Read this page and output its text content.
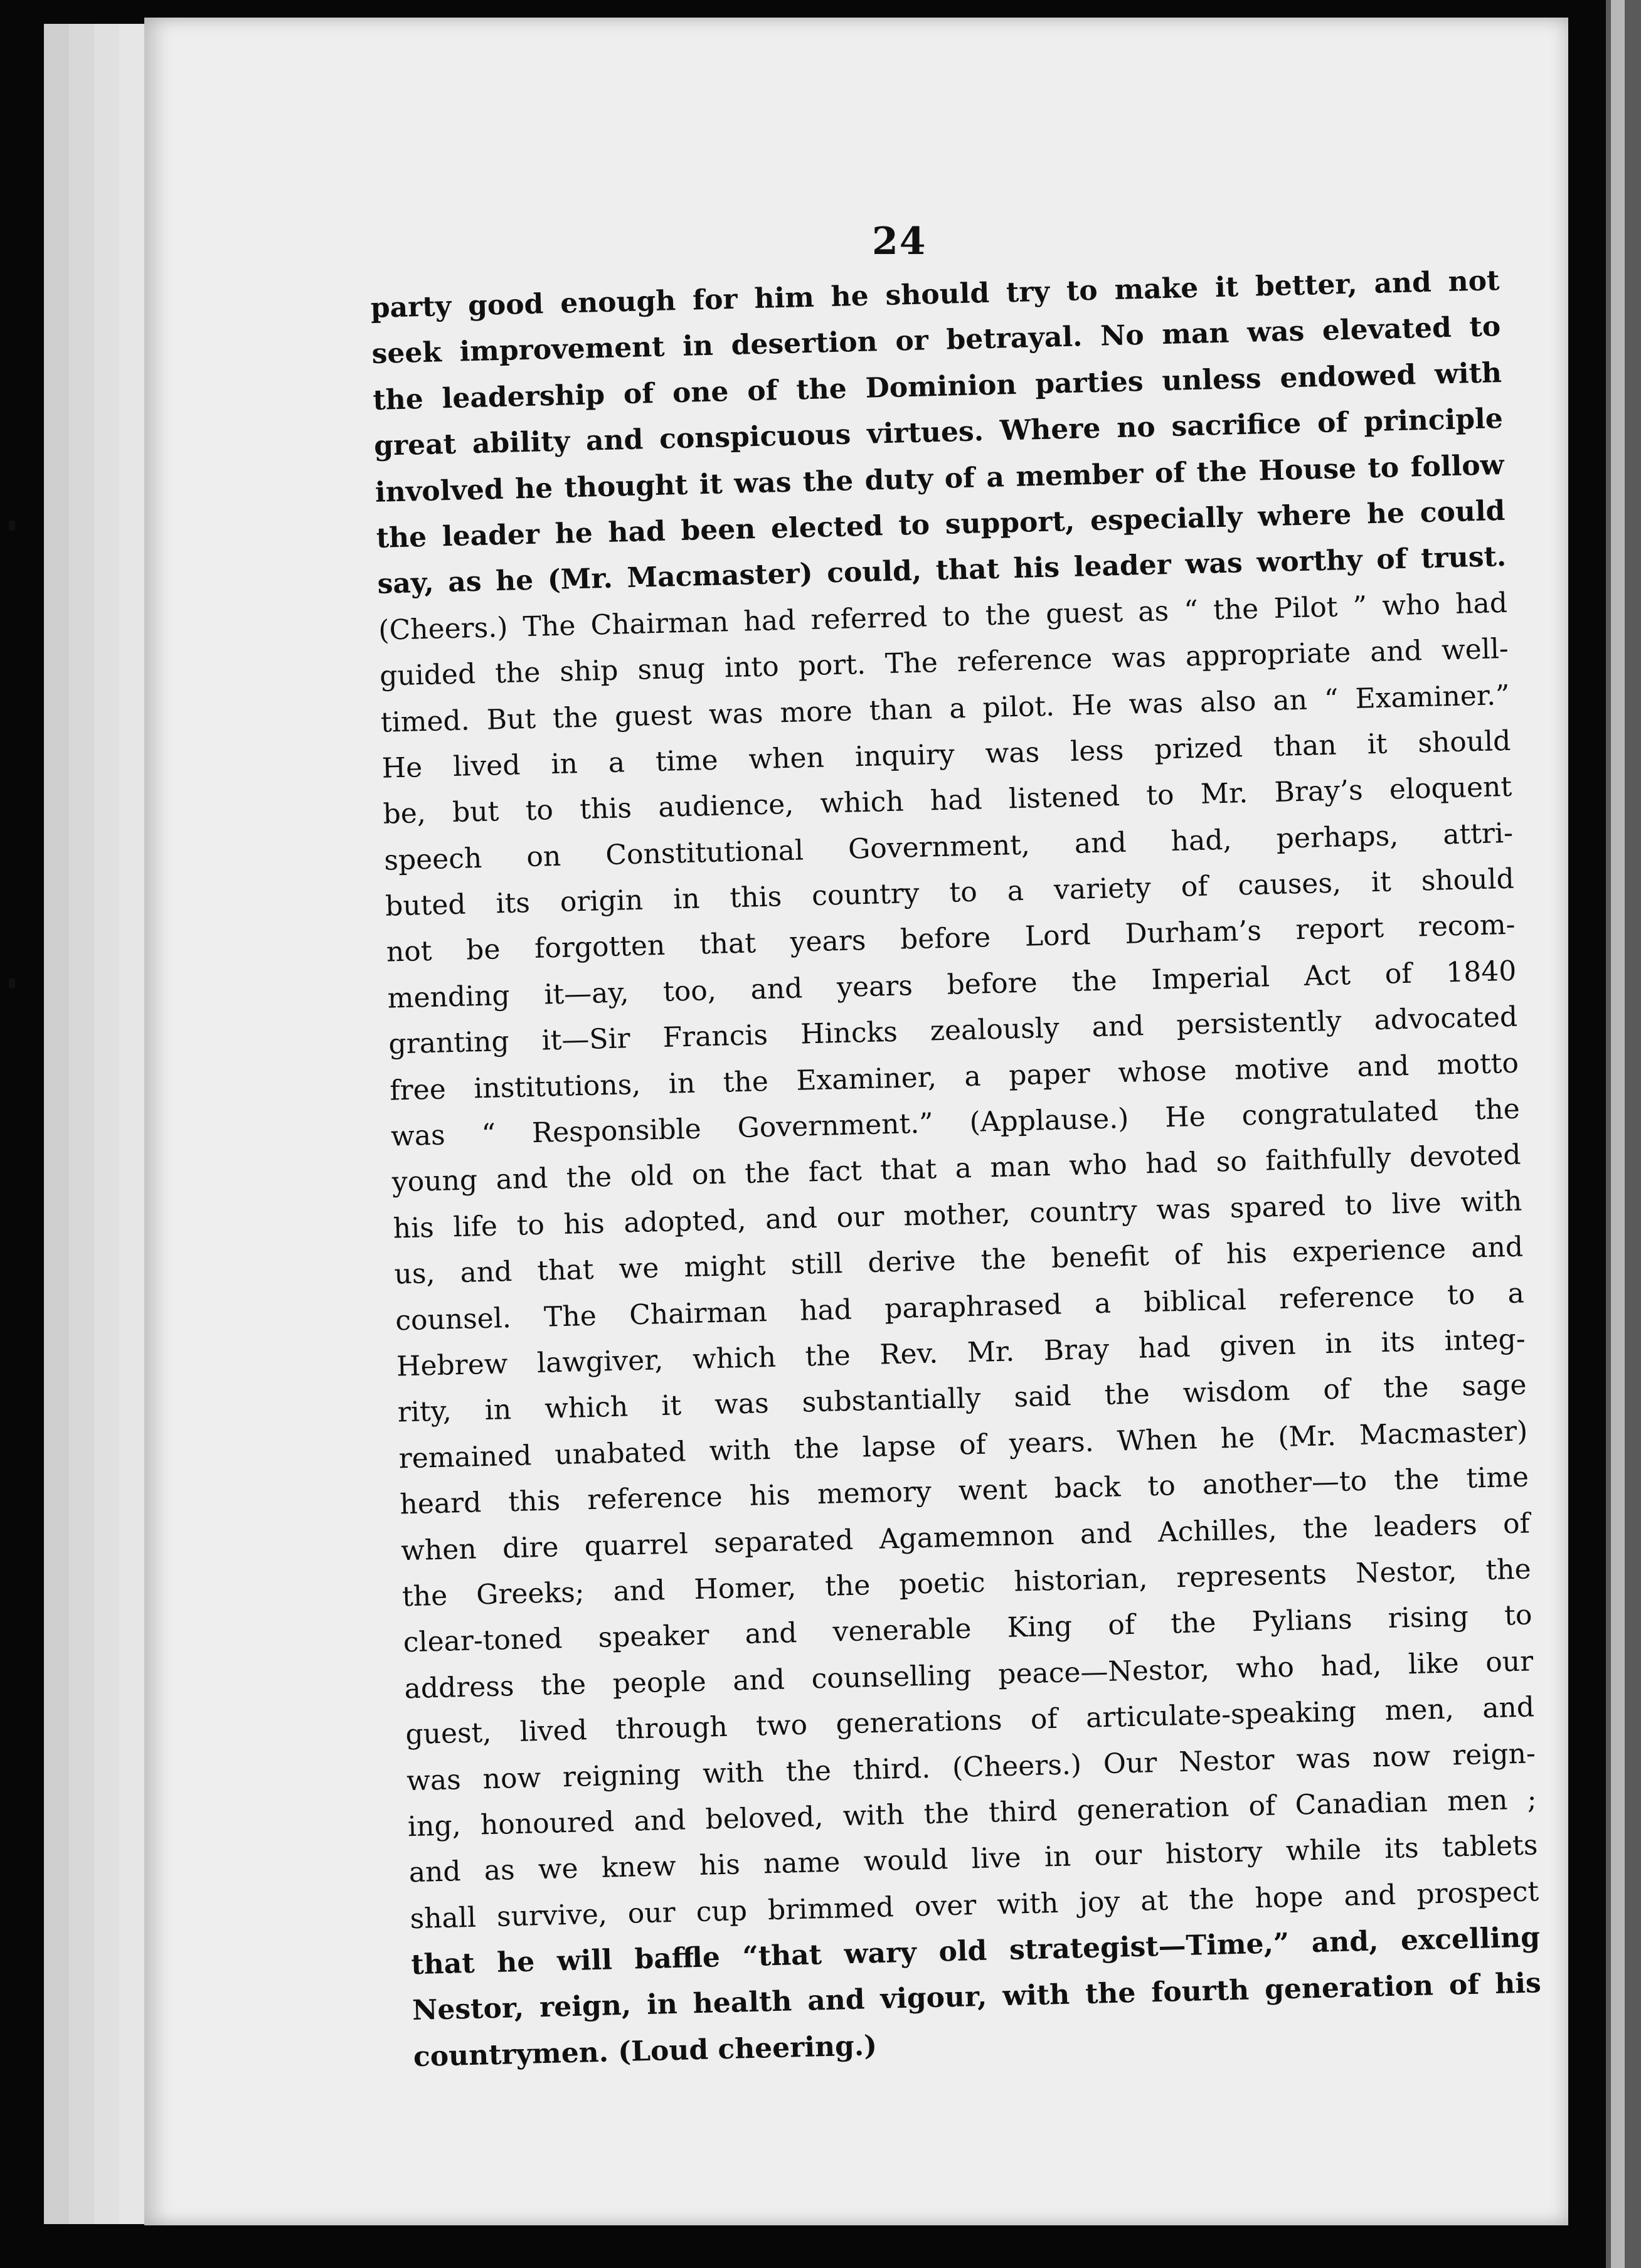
24
party good enough for him he should try to make it better, and not
seek improvement in desertion or betrayal. No man was elevated to
the leadership of one of the Dominion parties unless endowed with
great ability and conspicuous virtues. Where no sacrifice of principle
involved he thought it was the duty of a member of the House to follow
the leader he had been elected to support, especially where he could
say, as he (Mr. Macmaster) could, that his leader was worthy of trust.
(Cheers.) The Chairman had referred to the guest as “ the Pilot ” who had
guided the ship snug into port. The reference was appropriate and well-
timed. But the guest was more than a pilot. He was also an “ Examiner.”
He lived in a time when inquiry was less prized than it should
be, but to this audience, which had listened to Mr. Bray’s eloquent
speech on Constitutional Government, and had, perhaps, attri-
buted its origin in this country to a variety of causes, it should
not be forgotten that years before Lord Durham’s report recom-
mending it—ay, too, and years before the Imperial Act of 1840
granting it—Sir Francis Hincks zealously and persistently advocated
free institutions, in the Examiner, a paper whose motive and motto
was “ Responsible Government.” (Applause.) He congratulated the
young and the old on the fact that a man who had so faithfully devoted
his life to his adopted, and our mother, country was spared to live with
us, and that we might still derive the benefit of his experience and
counsel. The Chairman had paraphrased a biblical reference to a
Hebrew lawgiver, which the Rev. Mr. Bray had given in its integ-
rity, in which it was substantially said the wisdom of the sage
remained unabated with the lapse of years. When he (Mr. Macmaster)
heard this reference his memory went back to another—to the time
when dire quarrel separated Agamemnon and Achilles, the leaders of
the Greeks; and Homer, the poetic historian, represents Nestor, the
clear-toned speaker and venerable King of the Pylians rising to
address the people and counselling peace—Nestor, who had, like our
guest, lived through two generations of articulate-speaking men, and
was now reigning with the third. (Cheers.) Our Nestor was now reign-
ing, honoured and beloved, with the third generation of Canadian men ;
and as we knew his name would live in our history while its tablets
shall survive, our cup brimmed over with joy at the hope and prospect
that he will baffle “that wary old strategist—Time,” and, excelling
Nestor, reign, in health and vigour, with the fourth generation of his
countrymen. (Loud cheering.)
